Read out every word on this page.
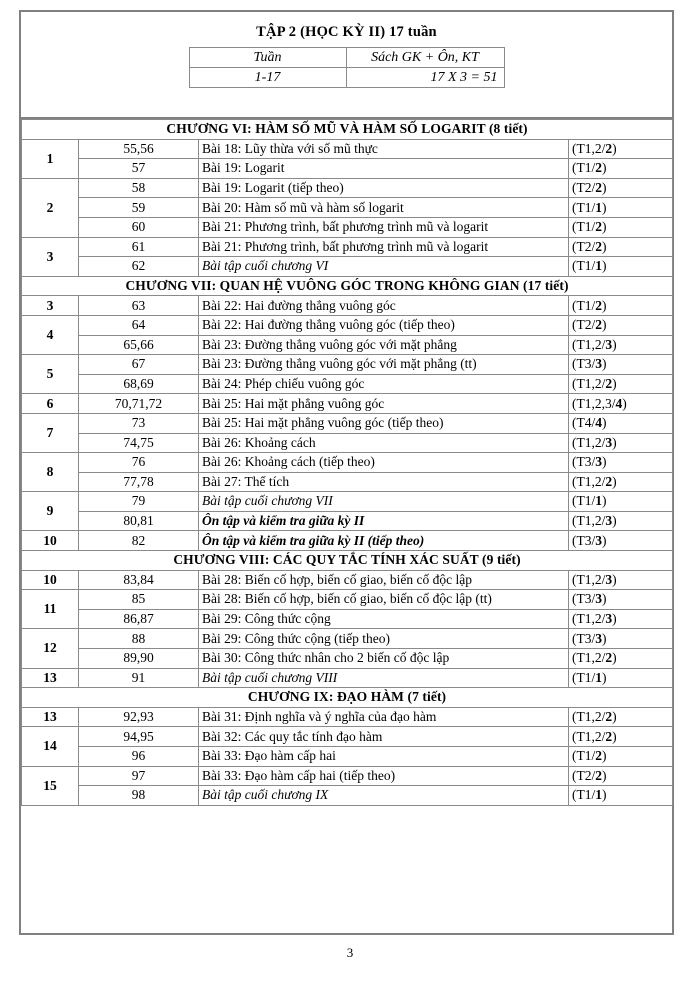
TẬP 2 (HỌC KỲ II) 17 tuần
Tuần	Sách GK + Ôn, KT
1-17	17 X 3 = 51
CHƯƠNG VI: HÀM SỐ MŨ VÀ HÀM SỐ LOGARIT (8 tiết)			
1	55,56	Bài 18: Lũy thừa với số mũ thực	(T1,2/2)
	57	Bài 19: Logarit	(T1/2)
2	58	Bài 19: Logarit (tiếp theo)	(T2/2)
	59	Bài 20: Hàm số mũ và hàm số logarit	(T1/1)
	60	Bài 21: Phương trình, bất phương trình mũ và logarit	(T1/2)
3	61	Bài 21: Phương trình, bất phương trình mũ và logarit	(T2/2)
	62	Bài tập cuối chương VI	(T1/1)
CHƯƠNG VII: QUAN HỆ VUÔNG GÓC TRONG KHÔNG GIAN (17 tiết)			
3	63	Bài 22: Hai đường thẳng vuông góc	(T1/2)
4	64	Bài 22: Hai đường thẳng vuông góc (tiếp theo)	(T2/2)
	65,66	Bài 23: Đường thẳng vuông góc với mặt phẳng	(T1,2/3)
5	67	Bài 23: Đường thẳng vuông góc với mặt phẳng (tt)	(T3/3)
	68,69	Bài 24: Phép chiếu vuông góc	(T1,2/2)
6	70,71,72	Bài 25: Hai mặt phẳng vuông góc	(T1,2,3/4)
7	73	Bài 25: Hai mặt phẳng vuông góc (tiếp theo)	(T4/4)
	74,75	Bài 26: Khoảng cách	(T1,2/3)
8	76	Bài 26: Khoảng cách (tiếp theo)	(T3/3)
	77,78	Bài 27: Thể tích	(T1,2/2)
9	79	Bài tập cuối chương VII	(T1/1)
	80,81	Ôn tập và kiểm tra giữa kỳ II	(T1,2/3)
10	82	Ôn tập và kiểm tra giữa kỳ II (tiếp theo)	(T3/3)
CHƯƠNG VIII: CÁC QUY TẮC TÍNH XÁC SUẤT (9 tiết)			
10	83,84	Bài 28: Biến cố hợp, biến cố giao, biến cố độc lập	(T1,2/3)
11	85	Bài 28: Biến cố hợp, biến cố giao, biến cố độc lập (tt)	(T3/3)
	86,87	Bài 29: Công thức cộng	(T1,2/3)
12	88	Bài 29: Công thức cộng (tiếp theo)	(T3/3)
	89,90	Bài 30: Công thức nhân cho 2 biến cố độc lập	(T1,2/2)
13	91	Bài tập cuối chương VIII	(T1/1)
CHƯƠNG IX: ĐẠO HÀM (7 tiết)			
13	92,93	Bài 31: Định nghĩa và ý nghĩa của đạo hàm	(T1,2/2)
14	94,95	Bài 32: Các quy tắc tính đạo hàm	(T1,2/2)
	96	Bài 33: Đạo hàm cấp hai	(T1/2)
15	97	Bài 33: Đạo hàm cấp hai (tiếp theo)	(T2/2)
	98	Bài tập cuối chương IX	(T1/1)
3
